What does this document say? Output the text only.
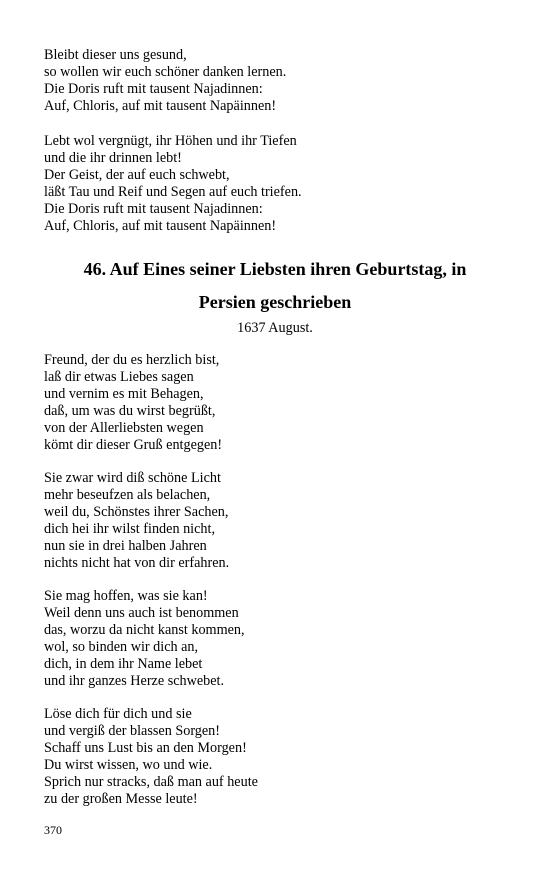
Bleibt dieser uns gesund,
so wollen wir euch schöner danken lernen.
Die Doris ruft mit tausent Najadinnen:
Auf, Chloris, auf mit tausent Napäinnen!
Lebt wol vergnügt, ihr Höhen und ihr Tiefen
und die ihr drinnen lebt!
Der Geist, der auf euch schwebt,
läßt Tau und Reif und Segen auf euch triefen.
Die Doris ruft mit tausent Najadinnen:
Auf, Chloris, auf mit tausent Napäinnen!
46. Auf Eines seiner Liebsten ihren Geburtstag, in
Persien geschrieben
1637 August.
Freund, der du es herzlich bist,
laß dir etwas Liebes sagen
und vernim es mit Behagen,
daß, um was du wirst begrüßt,
von der Allerliebsten wegen
kömt dir dieser Gruß entgegen!
Sie zwar wird diß schöne Licht
mehr beseufzen als belachen,
weil du, Schönstes ihrer Sachen,
dich hei ihr wilst finden nicht,
nun sie in drei halben Jahren
nichts nicht hat von dir erfahren.
Sie mag hoffen, was sie kan!
Weil denn uns auch ist benommen
das, worzu da nicht kanst kommen,
wol, so binden wir dich an,
dich, in dem ihr Name lebet
und ihr ganzes Herze schwebet.
Löse dich für dich und sie
und vergiß der blassen Sorgen!
Schaff uns Lust bis an den Morgen!
Du wirst wissen, wo und wie.
Sprich nur stracks, daß man auf heute
zu der großen Messe leute!
370
